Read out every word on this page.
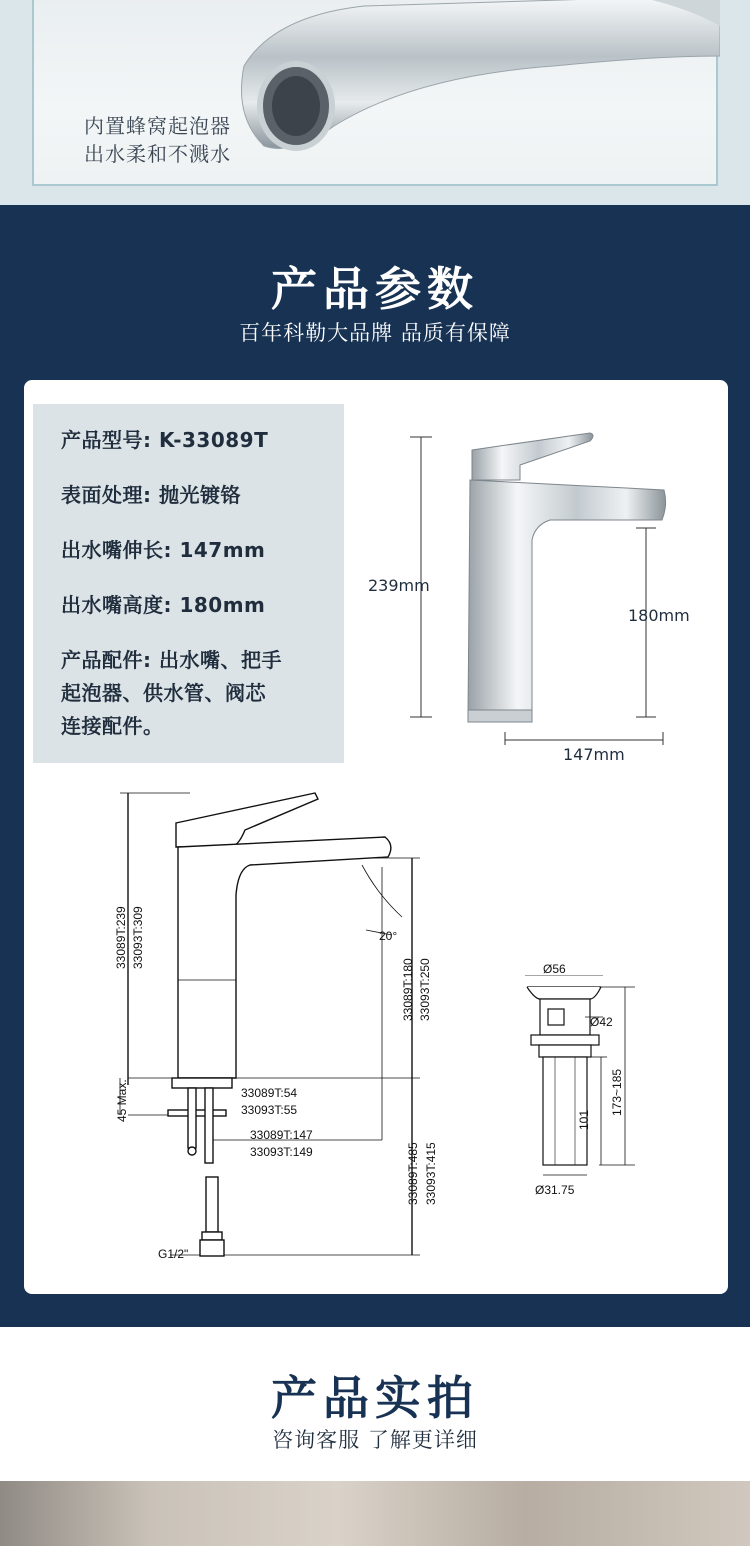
内置蜂窝起泡器
出水柔和不溅水
产品参数
百年科勒大品牌 品质有保障
产品型号: K-33089T
表面处理: 抛光镀铬
出水嘴伸长: 147mm
出水嘴高度: 180mm
产品配件: 出水嘴、把手
起泡器、供水管、阀芯
连接配件。
239mm
180mm
147mm
33089T:239 33093T:309
45 Max.
33089T:180 33093T:250
33089T:485 33093T:415
20°
33089T:54
33093T:55
33089T:147
33093T:149
G1/2"
Ø56
Ø42
Ø31.75
101
173~185
产品实拍
咨询客服 了解更详细
